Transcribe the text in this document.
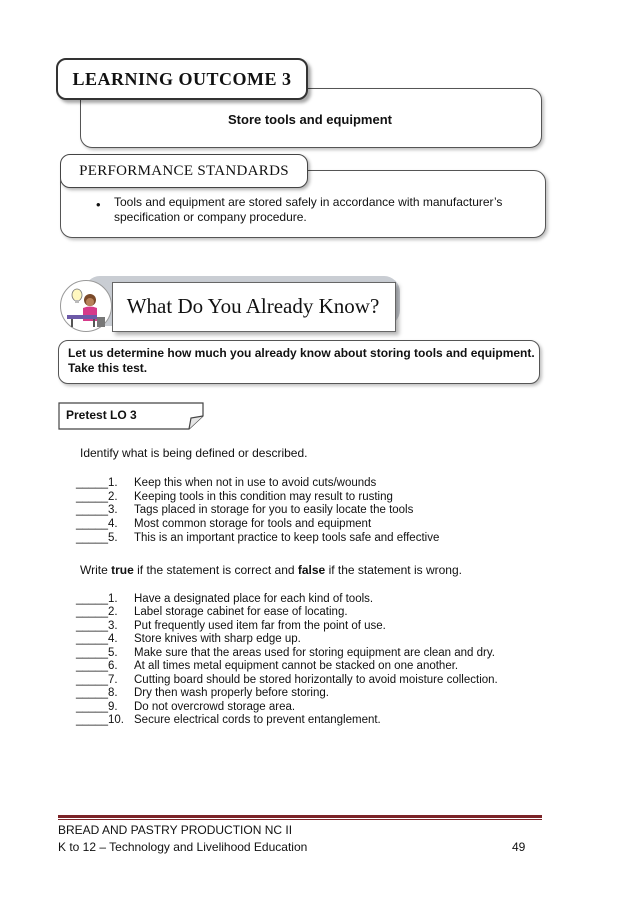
Store tools and equipment
LEARNING OUTCOME 3
PERFORMANCE STANDARDS
• Tools and equipment are stored safely in accordance with manufacturer’s specification or company procedure.
What Do You Already Know?
Let us determine how much you already know about storing tools and equipment. Take this test.
Pretest LO 3
Identify what is being defined or described.
_____1. Keep this when not in use to avoid cuts/wounds
_____2. Keeping tools in this condition may result to rusting
_____3. Tags placed in storage for you to easily locate the tools
_____4. Most common storage for tools and equipment
_____5. This is an important practice to keep tools safe and effective
Write true if the statement is correct and false if the statement is wrong.
_____1. Have a designated place for each kind of tools.
_____2. Label storage cabinet for ease of locating.
_____3. Put frequently used item far from the point of use.
_____4. Store knives with sharp edge up.
_____5. Make sure that the areas used for storing equipment are clean and dry.
_____6. At all times metal equipment cannot be stacked on one another.
_____7. Cutting board should be stored horizontally to avoid moisture collection.
_____8. Dry then wash properly before storing.
_____9. Do not overcrowd storage area.
_____10. Secure electrical cords to prevent entanglement.
BREAD AND PASTRY PRODUCTION NC II
K to 12 – Technology and Livelihood Education	49
